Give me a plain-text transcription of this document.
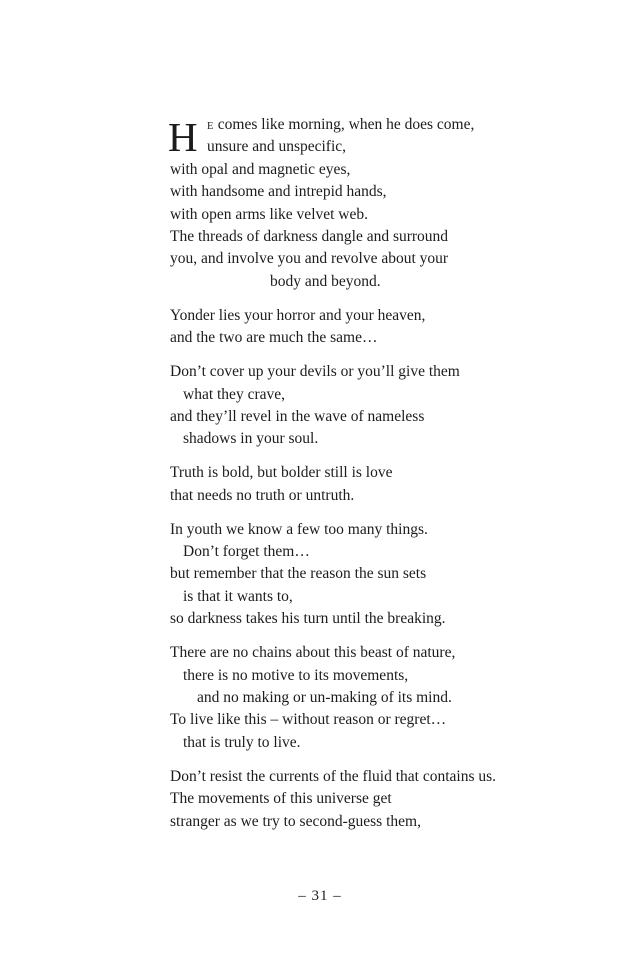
H E comes like morning, when he does come,
unsure and unspecific,
with opal and magnetic eyes,
with handsome and intrepid hands,
with open arms like velvet web.
The threads of darkness dangle and surround
you, and involve you and revolve about your
body and beyond.
Yonder lies your horror and your heaven,
and the two are much the same…
Don’t cover up your devils or you’ll give them
what they crave,
and they’ll revel in the wave of nameless
shadows in your soul.
Truth is bold, but bolder still is love
that needs no truth or untruth.
In youth we know a few too many things.
Don’t forget them…
but remember that the reason the sun sets
is that it wants to,
so darkness takes his turn until the breaking.
There are no chains about this beast of nature,
there is no motive to its movements,
and no making or un-making of its mind.
To live like this – without reason or regret…
that is truly to live.
Don’t resist the currents of the fluid that contains us.
The movements of this universe get
stranger as we try to second-guess them,
– 31 –
